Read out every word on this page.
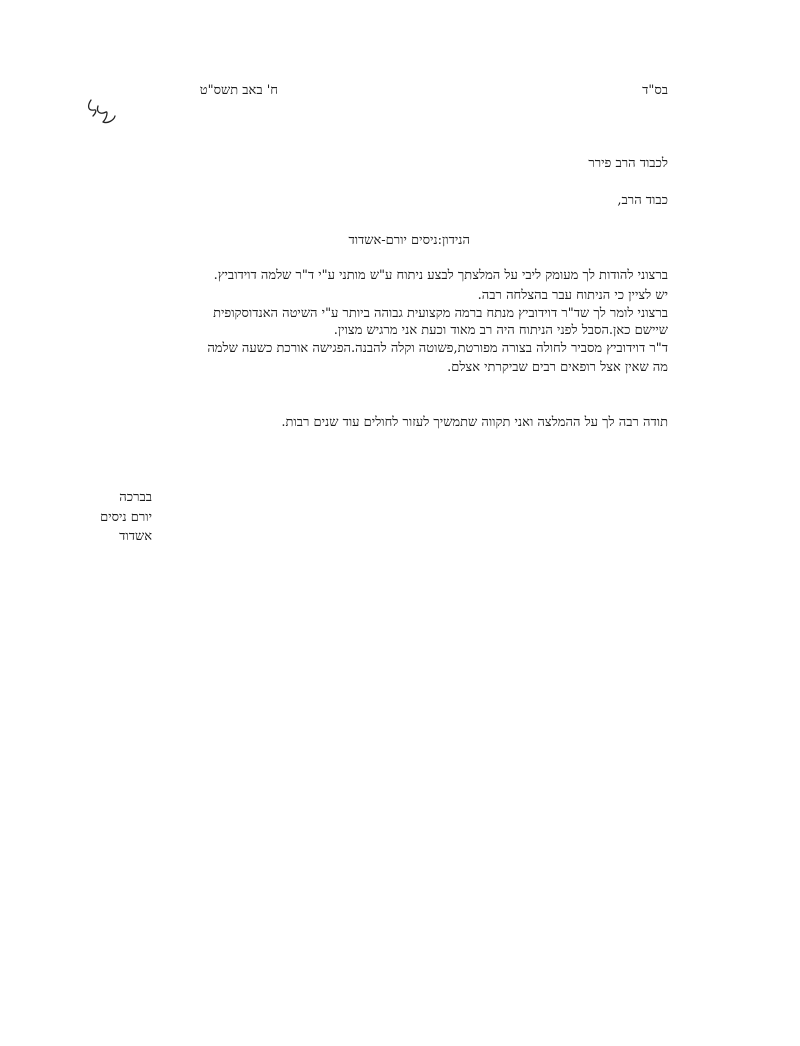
בס"ד
ח' באב תשס"ט
לכבוד הרב פירר
כבוד הרב,
הנידון:ניסים יורם-אשדוד
ברצוני להודות לך מעומק ליבי על המלצתך לבצע ניתוח ע"ש מותני ע"י ד"ר שלמה דוידוביץ.
יש לציין כי הניתוח עבר בהצלחה רבה.
ברצוני לומר לך שד"ר דוידוביץ מנתח ברמה מקצועית גבוהה ביותר ע"י השיטה האנדוסקופית
שיישם כאן.הסבל לפני הניתוח היה רב מאוד וכעת אני מרגיש מצוין.
ד"ר דוידוביץ מסביר לחולה בצורה מפורטת,פשוטה וקלה להבנה.הפגישה אורכת כשעה שלמה
מה שאין אצל רופאים רבים שביקרתי אצלם.
תודה רבה לך על ההמלצה ואני תקווה שתמשיך לעזור לחולים עוד שנים רבות.
בברכה
יורם ניסים
אשדוד
